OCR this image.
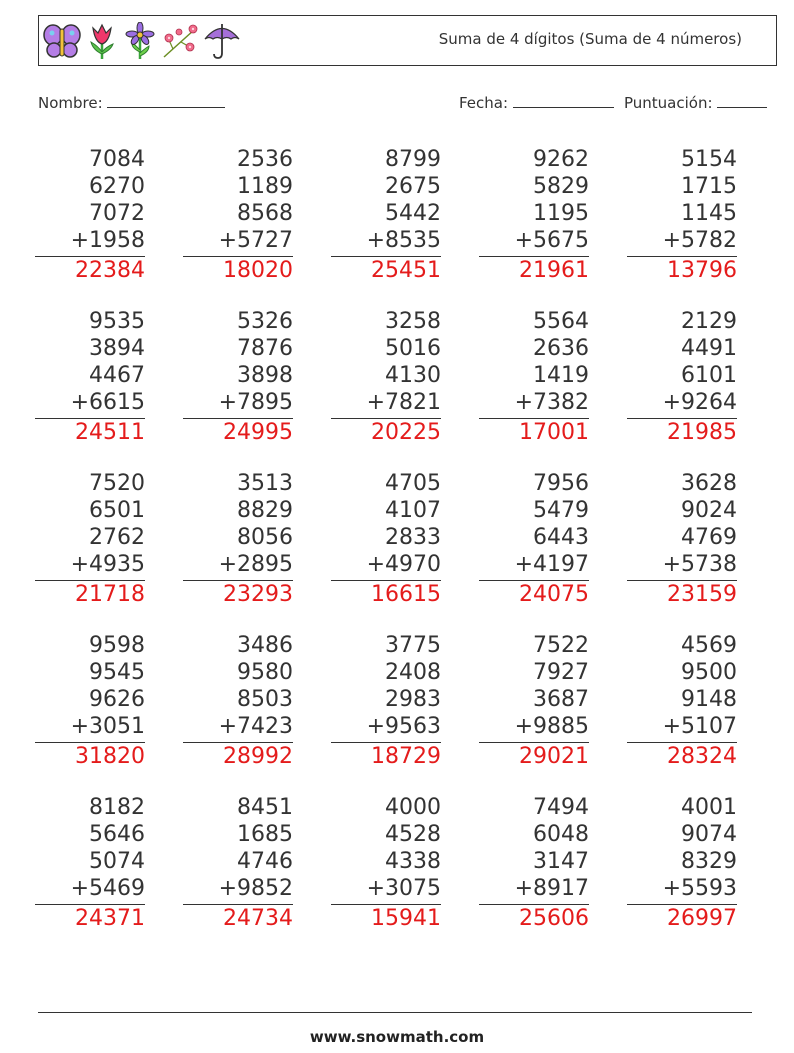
Suma de 4 dígitos (Suma de 4 números)
Nombre:	Fecha:	Puntuación:
7084
6270
7072
+1958
22384
2536
1189
8568
+5727
18020
8799
2675
5442
+8535
25451
9262
5829
1195
+5675
21961
5154
1715
1145
+5782
13796
9535
3894
4467
+6615
24511
5326
7876
3898
+7895
24995
3258
5016
4130
+7821
20225
5564
2636
1419
+7382
17001
2129
4491
6101
+9264
21985
7520
6501
2762
+4935
21718
3513
8829
8056
+2895
23293
4705
4107
2833
+4970
16615
7956
5479
6443
+4197
24075
3628
9024
4769
+5738
23159
9598
9545
9626
+3051
31820
3486
9580
8503
+7423
28992
3775
2408
2983
+9563
18729
7522
7927
3687
+9885
29021
4569
9500
9148
+5107
28324
8182
5646
5074
+5469
24371
8451
1685
4746
+9852
24734
4000
4528
4338
+3075
15941
7494
6048
3147
+8917
25606
4001
9074
8329
+5593
26997
www.snowmath.com
